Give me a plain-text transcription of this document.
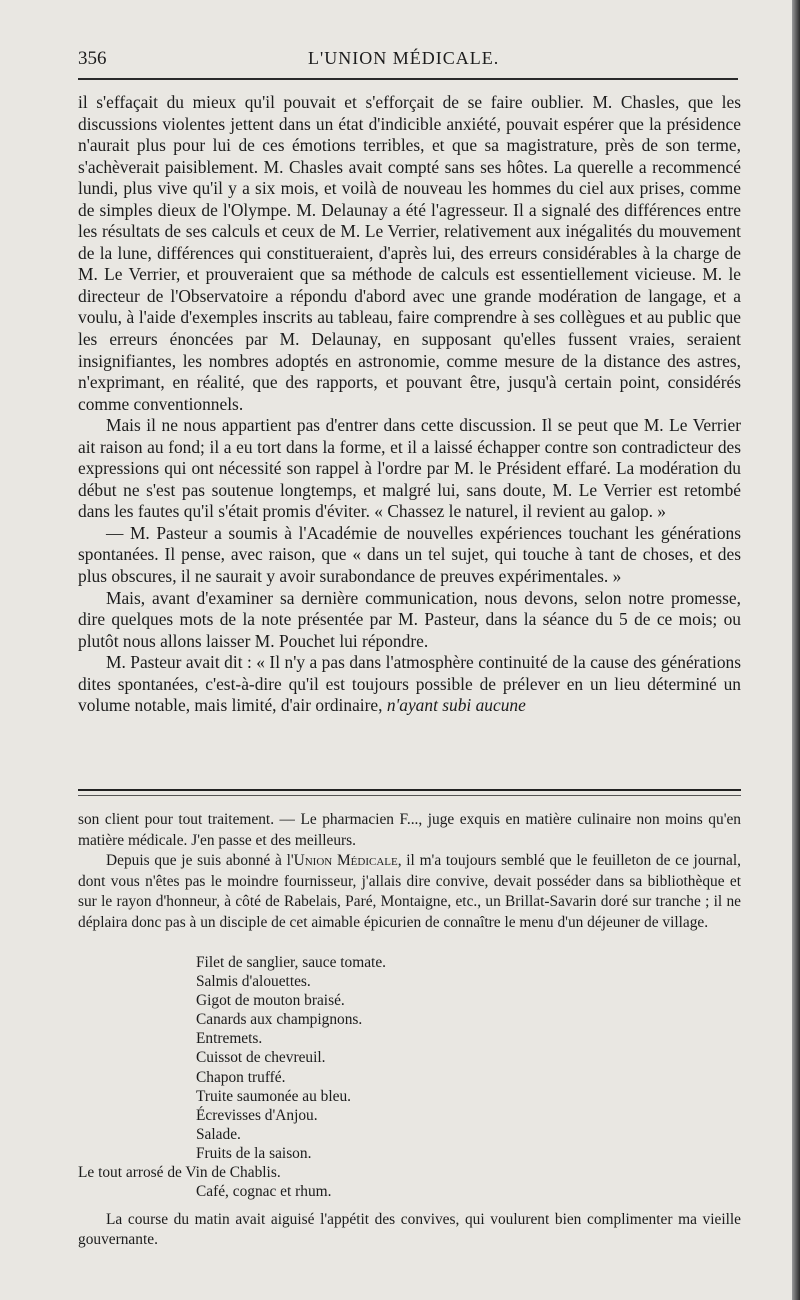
356	L'UNION MÉDICALE.

il s'effaçait du mieux qu'il pouvait et s'efforçait de se faire oublier. M. Chasles, que les discussions violentes jettent dans un état d'indicible anxiété, pouvait espérer que la présidence n'aurait plus pour lui de ces émotions terribles, et que sa magistrature, près de son terme, s'achèverait paisiblement. M. Chasles avait compté sans ses hôtes. La querelle a recommencé lundi, plus vive qu'il y a six mois, et voilà de nouveau les hommes du ciel aux prises, comme de simples dieux de l'Olympe. M. Delaunay a été l'agresseur. Il a signalé des différences entre les résultats de ses calculs et ceux de M. Le Verrier, relativement aux inégalités du mouvement de la lune, différences qui constitueraient, d'après lui, des erreurs considérables à la charge de M. Le Verrier, et prouveraient que sa méthode de calculs est essentiellement vicieuse. M. le directeur de l'Observatoire a répondu d'abord avec une grande modération de langage, et a voulu, à l'aide d'exemples inscrits au tableau, faire comprendre à ses collègues et au public que les erreurs énoncées par M. Delaunay, en supposant qu'elles fussent vraies, seraient insignifiantes, les nombres adoptés en astronomie, comme mesure de la distance des astres, n'exprimant, en réalité, que des rapports, et pouvant être, jusqu'à certain point, considérés comme conventionnels.

Mais il ne nous appartient pas d'entrer dans cette discussion. Il se peut que M. Le Verrier ait raison au fond; il a eu tort dans la forme, et il a laissé échapper contre son contradicteur des expressions qui ont nécessité son rappel à l'ordre par M. le Président effaré. La modération du début ne s'est pas soutenue longtemps, et malgré lui, sans doute, M. Le Verrier est retombé dans les fautes qu'il s'était promis d'éviter. « Chassez le naturel, il revient au galop. »

— M. Pasteur a soumis à l'Académie de nouvelles expériences touchant les générations spontanées. Il pense, avec raison, que « dans un tel sujet, qui touche à tant de choses, et des plus obscures, il ne saurait y avoir surabondance de preuves expérimentales. »

Mais, avant d'examiner sa dernière communication, nous devons, selon notre promesse, dire quelques mots de la note présentée par M. Pasteur, dans la séance du 5 de ce mois; ou plutôt nous allons laisser M. Pouchet lui répondre.

M. Pasteur avait dit : « Il n'y a pas dans l'atmosphère continuité de la cause des générations dites spontanées, c'est-à-dire qu'il est toujours possible de prélever en un lieu déterminé un volume notable, mais limité, d'air ordinaire, n'ayant subi aucune

son client pour tout traitement. — Le pharmacien F..., juge exquis en matière culinaire non moins qu'en matière médicale. J'en passe et des meilleurs.

Depuis que je suis abonné à l'Union Médicale, il m'a toujours semblé que le feuilleton de ce journal, dont vous n'êtes pas le moindre fournisseur, j'allais dire convive, devait posséder dans sa bibliothèque et sur le rayon d'honneur, à côté de Rabelais, Paré, Montaigne, etc., un Brillat-Savarin doré sur tranche ; il ne déplaira donc pas à un disciple de cet aimable épicurien de connaître le menu d'un déjeuner de village.

Filet de sanglier, sauce tomate.
Salmis d'alouettes.
Gigot de mouton braisé.
Canards aux champignons.
Entremets.
Cuissot de chevreuil.
Chapon truffé.
Truite saumonée au bleu.
Écrevisses d'Anjou.
Salade.
Fruits de la saison.
Le tout arrosé de Vin de Chablis.
Café, cognac et rhum.

La course du matin avait aiguisé l'appétit des convives, qui voulurent bien complimenter ma vieille gouvernante.
